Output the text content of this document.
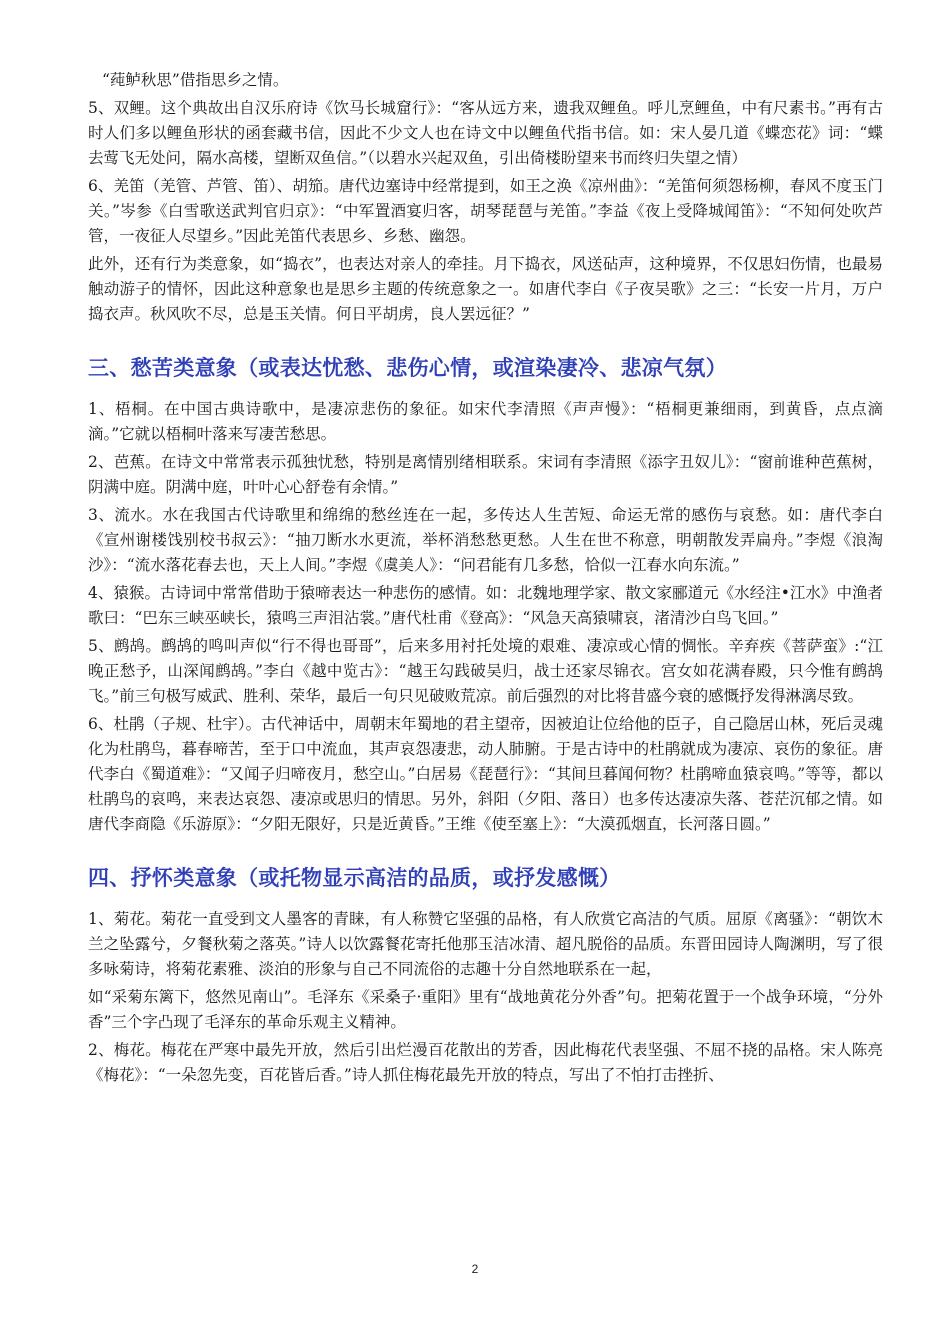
“莼鲈秋思”借指思乡之情。

5、双鲤。这个典故出自汉乐府诗《饮马长城窟行》：“客从远方来，遗我双鲤鱼。呼儿烹鲤鱼，中有尺素书。”再有古时人们多以鲤鱼形状的函套藏书信，因此不少文人也在诗文中以鲤鱼代指书信。如：宋人晏几道《蝶恋花》词：“蝶去莺飞无处问，隔水高楼，望断双鱼信。”（以碧水兴起双鱼，引出倚楼盼望来书而终归失望之情）

6、羌笛（羌管、芦管、笛）、胡笳。唐代边塞诗中经常提到，如王之涣《凉州曲》：“羌笛何须怨杨柳，春风不度玉门关。”岑参《白雪歌送武判官归京》：“中军置酒宴归客，胡琴琵琶与羌笛。”李益《夜上受降城闻笛》：“不知何处吹芦管，一夜征人尽望乡。”因此羌笛代表思乡、乡愁、幽怨。

此外，还有行为类意象，如“捣衣”，也表达对亲人的牵挂。月下捣衣，风送砧声，这种境界，不仅思妇伤情，也最易触动游子的情怀，因此这种意象也是思乡主题的传统意象之一。如唐代李白《子夜吴歌》之三：“长安一片月，万户捣衣声。秋风吹不尽，总是玉关情。何日平胡虏，良人罢远征？”

三、愁苦类意象（或表达忧愁、悲伤心情，或渲染凄冷、悲凉气氛）

1、梧桐。在中国古典诗歌中，是凄凉悲伤的象征。如宋代李清照《声声慢》：“梧桐更兼细雨，到黄昏，点点滴滴。”它就以梧桐叶落来写凄苦愁思。

2、芭蕉。在诗文中常常表示孤独忧愁，特别是离情别绪相联系。宋词有李清照《添字丑奴儿》：“窗前谁种芭蕉树，阴满中庭。阴满中庭，叶叶心心舒卷有余情。”

3、流水。水在我国古代诗歌里和绵绵的愁丝连在一起，多传达人生苦短、命运无常的感伤与哀愁。如：唐代李白《宣州谢楼饯别校书叔云》：“抽刀断水水更流，举杯消愁愁更愁。人生在世不称意，明朝散发弄扁舟。”李煜《浪淘沙》：“流水落花春去也，天上人间。”李煜《虞美人》：“问君能有几多愁，恰似一江春水向东流。”

4、猿猴。古诗词中常常借助于猿啼表达一种悲伤的感情。如：北魏地理学家、散文家郦道元《水经注•江水》中渔者歌曰：“巴东三峡巫峡长，猿鸣三声泪沾裳。”唐代杜甫《登高》：“风急天高猿啸哀，渚清沙白鸟飞回。”

5、鹧鸪。鹧鸪的鸣叫声似“行不得也哥哥”，后来多用衬托处境的艰难、凄凉或心情的惆怅。辛弃疾《菩萨蛮》:“江晚正愁予，山深闻鹧鸪。”李白《越中览古》：“越王勾践破吴归，战士还家尽锦衣。宫女如花满春殿，只今惟有鹧鸪飞。”前三句极写威武、胜利、荣华，最后一句只见破败荒凉。前后强烈的对比将昔盛今衰的感慨抒发得淋漓尽致。

6、杜鹃（子规、杜宇）。古代神话中，周朝末年蜀地的君主望帝，因被迫让位给他的臣子，自己隐居山林，死后灵魂化为杜鹃鸟，暮春啼苦，至于口中流血，其声哀怨凄悲，动人肺腑。于是古诗中的杜鹃就成为凄凉、哀伤的象征。唐代李白《蜀道难》：“又闻子归啼夜月，愁空山。”白居易《琵琶行》：“其间旦暮闻何物？杜鹃啼血猿哀鸣。”等等，都以杜鹃鸟的哀鸣，来表达哀怨、凄凉或思归的情思。另外，斜阳（夕阳、落日）也多传达凄凉失落、苍茫沉郁之情。如唐代李商隐《乐游原》：“夕阳无限好，只是近黄昏。”王维《使至塞上》：“大漠孤烟直，长河落日圆。”

四、抒怀类意象（或托物显示高洁的品质，或抒发感慨）

1、菊花。菊花一直受到文人墨客的青睐，有人称赞它坚强的品格，有人欣赏它高洁的气质。屈原《离骚》：“朝饮木兰之坠露兮，夕餐秋菊之落英。”诗人以饮露餐花寄托他那玉洁冰清、超凡脱俗的品质。东晋田园诗人陶渊明，写了很多咏菊诗，将菊花素雅、淡泊的形象与自己不同流俗的志趣十分自然地联系在一起，

如“采菊东篱下，悠然见南山”。毛泽东《采桑子·重阳》里有“战地黄花分外香”句。把菊花置于一个战争环境，“分外香”三个字凸现了毛泽东的革命乐观主义精神。

2、梅花。梅花在严寒中最先开放，然后引出烂漫百花散出的芳香，因此梅花代表坚强、不屈不挠的品格。宋人陈亮《梅花》：“一朵忽先变，百花皆后香。”诗人抓住梅花最先开放的特点，写出了不怕打击挫折、

2
